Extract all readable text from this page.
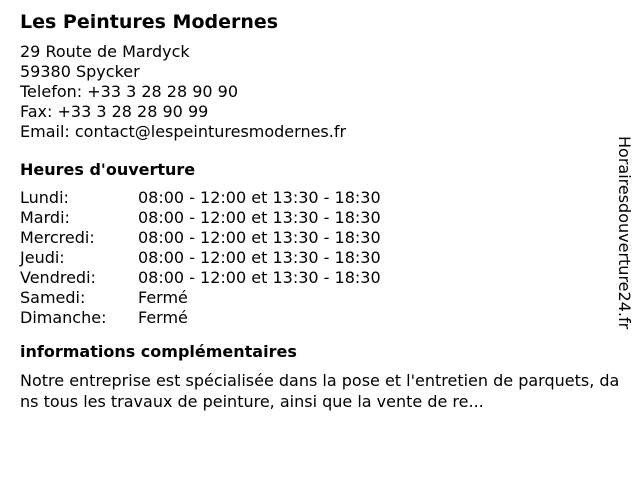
Les Peintures Modernes
29 Route de Mardyck
59380 Spycker
Telefon: +33 3 28 28 90 90
Fax: +33 3 28 28 90 99
Email: contact@lespeinturesmodernes.fr
Heures d'ouverture
Lundi:	08:00 - 12:00 et 13:30 - 18:30
Mardi:	08:00 - 12:00 et 13:30 - 18:30
Mercredi:	08:00 - 12:00 et 13:30 - 18:30
Jeudi:	08:00 - 12:00 et 13:30 - 18:30
Vendredi:	08:00 - 12:00 et 13:30 - 18:30
Samedi:	Fermé
Dimanche: Fermé
informations complémentaires
Notre entreprise est spécialisée dans la pose et l'entretien de parquets, dans tous les travaux de peinture, ainsi que la vente de re...
Horairesdouverture24.fr
